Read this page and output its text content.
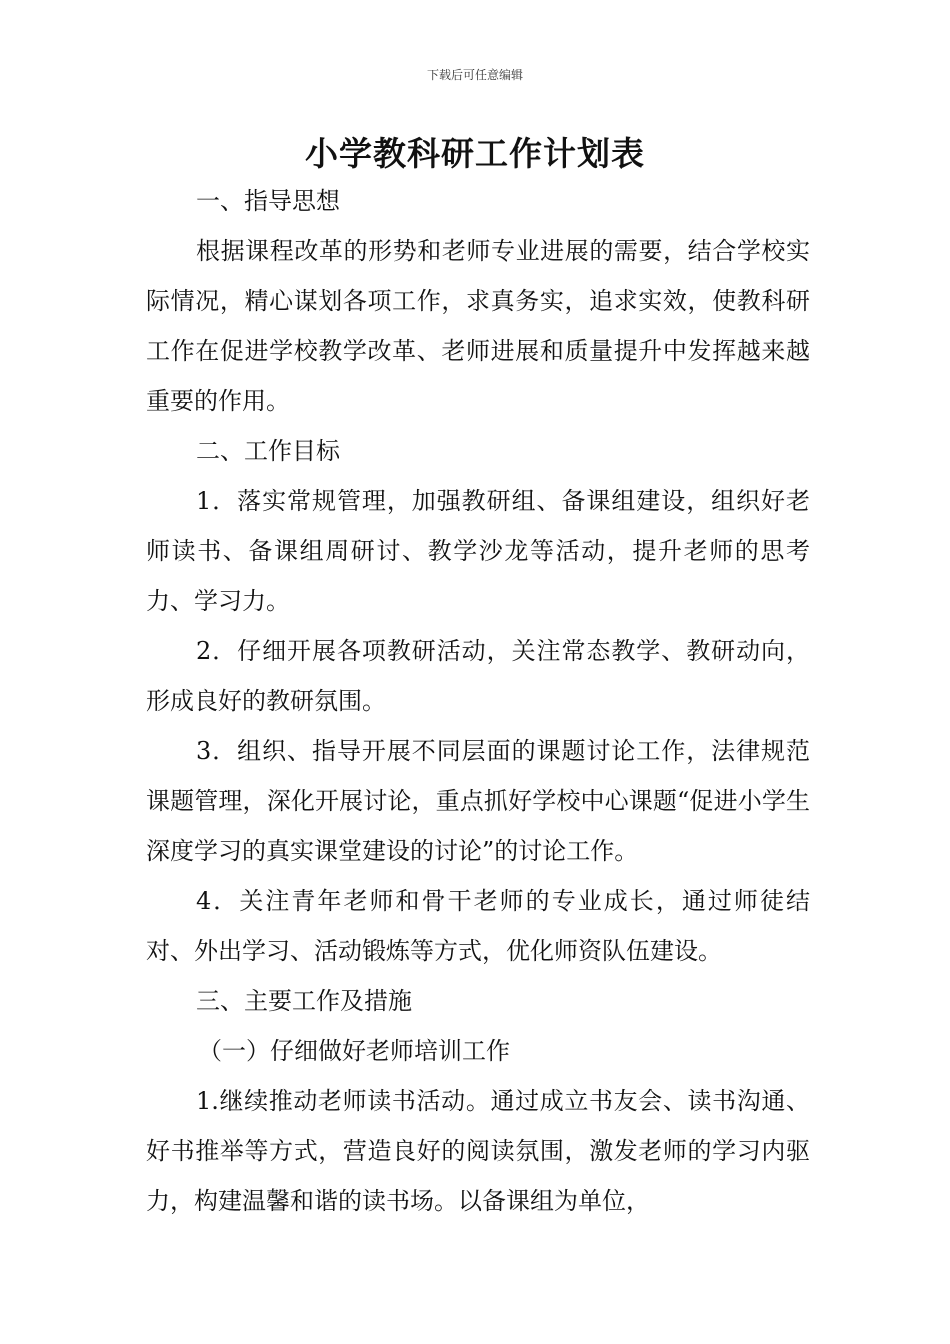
下载后可任意编辑
小学教科研工作计划表

一、指导思想

根据课程改革的形势和老师专业进展的需要，结合学校实际情况，精心谋划各项工作，求真务实，追求实效，使教科研工作在促进学校教学改革、老师进展和质量提升中发挥越来越重要的作用。

二、工作目标

1．落实常规管理，加强教研组、备课组建设，组织好老师读书、备课组周研讨、教学沙龙等活动，提升老师的思考力、学习力。

2．仔细开展各项教研活动，关注常态教学、教研动向，形成良好的教研氛围。

3．组织、指导开展不同层面的课题讨论工作，法律规范课题管理，深化开展讨论，重点抓好学校中心课题“促进小学生深度学习的真实课堂建设的讨论”的讨论工作。

4．关注青年老师和骨干老师的专业成长，通过师徒结对、外出学习、活动锻炼等方式，优化师资队伍建设。

三、主要工作及措施

（一）仔细做好老师培训工作

1.继续推动老师读书活动。通过成立书友会、读书沟通、好书推举等方式，营造良好的阅读氛围，激发老师的学习内驱力，构建温馨和谐的读书场。以备课组为单位，
